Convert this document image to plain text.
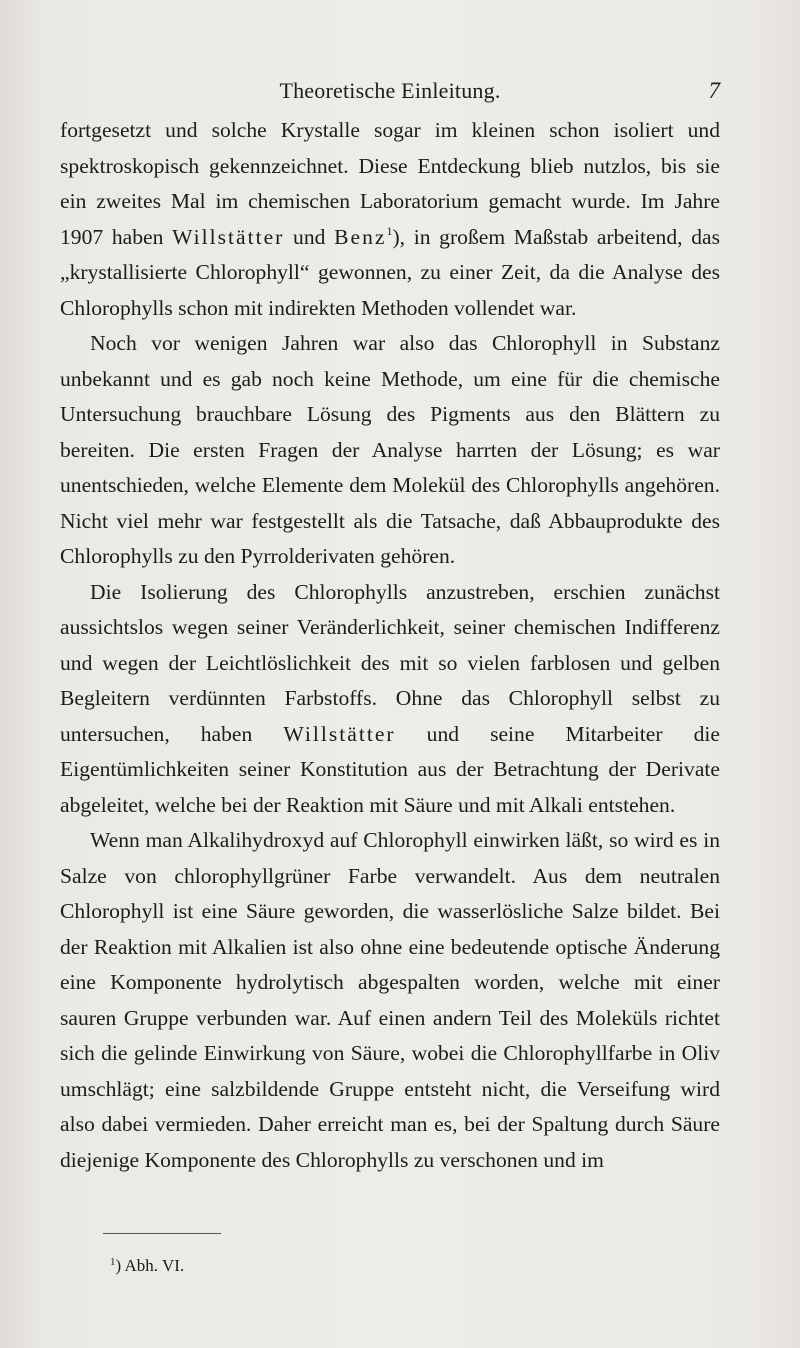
Theoretische Einleitung.	7

fortgesetzt und solche Krystalle sogar im kleinen schon isoliert und spektroskopisch gekennzeichnet. Diese Entdeckung blieb nutzlos, bis sie ein zweites Mal im chemischen Laboratorium gemacht wurde. Im Jahre 1907 haben Willstätter und Benz$^1$), in großem Maßstab arbeitend, das „krystallisierte Chlorophyll“ gewonnen, zu einer Zeit, da die Analyse des Chlorophylls schon mit indirekten Methoden vollendet war.

Noch vor wenigen Jahren war also das Chlorophyll in Substanz unbekannt und es gab noch keine Methode, um eine für die chemische Untersuchung brauchbare Lösung des Pigments aus den Blättern zu bereiten. Die ersten Fragen der Analyse harrten der Lösung; es war unentschieden, welche Elemente dem Molekül des Chlorophylls angehören. Nicht viel mehr war festgestellt als die Tatsache, daß Abbauprodukte des Chlorophylls zu den Pyrrolderivaten gehören.

Die Isolierung des Chlorophylls anzustreben, erschien zunächst aussichtslos wegen seiner Veränderlichkeit, seiner chemischen Indifferenz und wegen der Leichtlöslichkeit des mit so vielen farblosen und gelben Begleitern verdünnten Farbstoffs. Ohne das Chlorophyll selbst zu untersuchen, haben Willstätter und seine Mitarbeiter die Eigentümlichkeiten seiner Konstitution aus der Betrachtung der Derivate abgeleitet, welche bei der Reaktion mit Säure und mit Alkali entstehen.

Wenn man Alkalihydroxyd auf Chlorophyll einwirken läßt, so wird es in Salze von chlorophyllgrüner Farbe verwandelt. Aus dem neutralen Chlorophyll ist eine Säure geworden, die wasserlösliche Salze bildet. Bei der Reaktion mit Alkalien ist also ohne eine bedeutende optische Änderung eine Komponente hydrolytisch abgespalten worden, welche mit einer sauren Gruppe verbunden war. Auf einen andern Teil des Moleküls richtet sich die gelinde Einwirkung von Säure, wobei die Chlorophyllfarbe in Oliv umschlägt; eine salzbildende Gruppe entsteht nicht, die Verseifung wird also dabei vermieden. Daher erreicht man es, bei der Spaltung durch Säure diejenige Komponente des Chlorophylls zu verschonen und im

$^1$) Abh. VI.
